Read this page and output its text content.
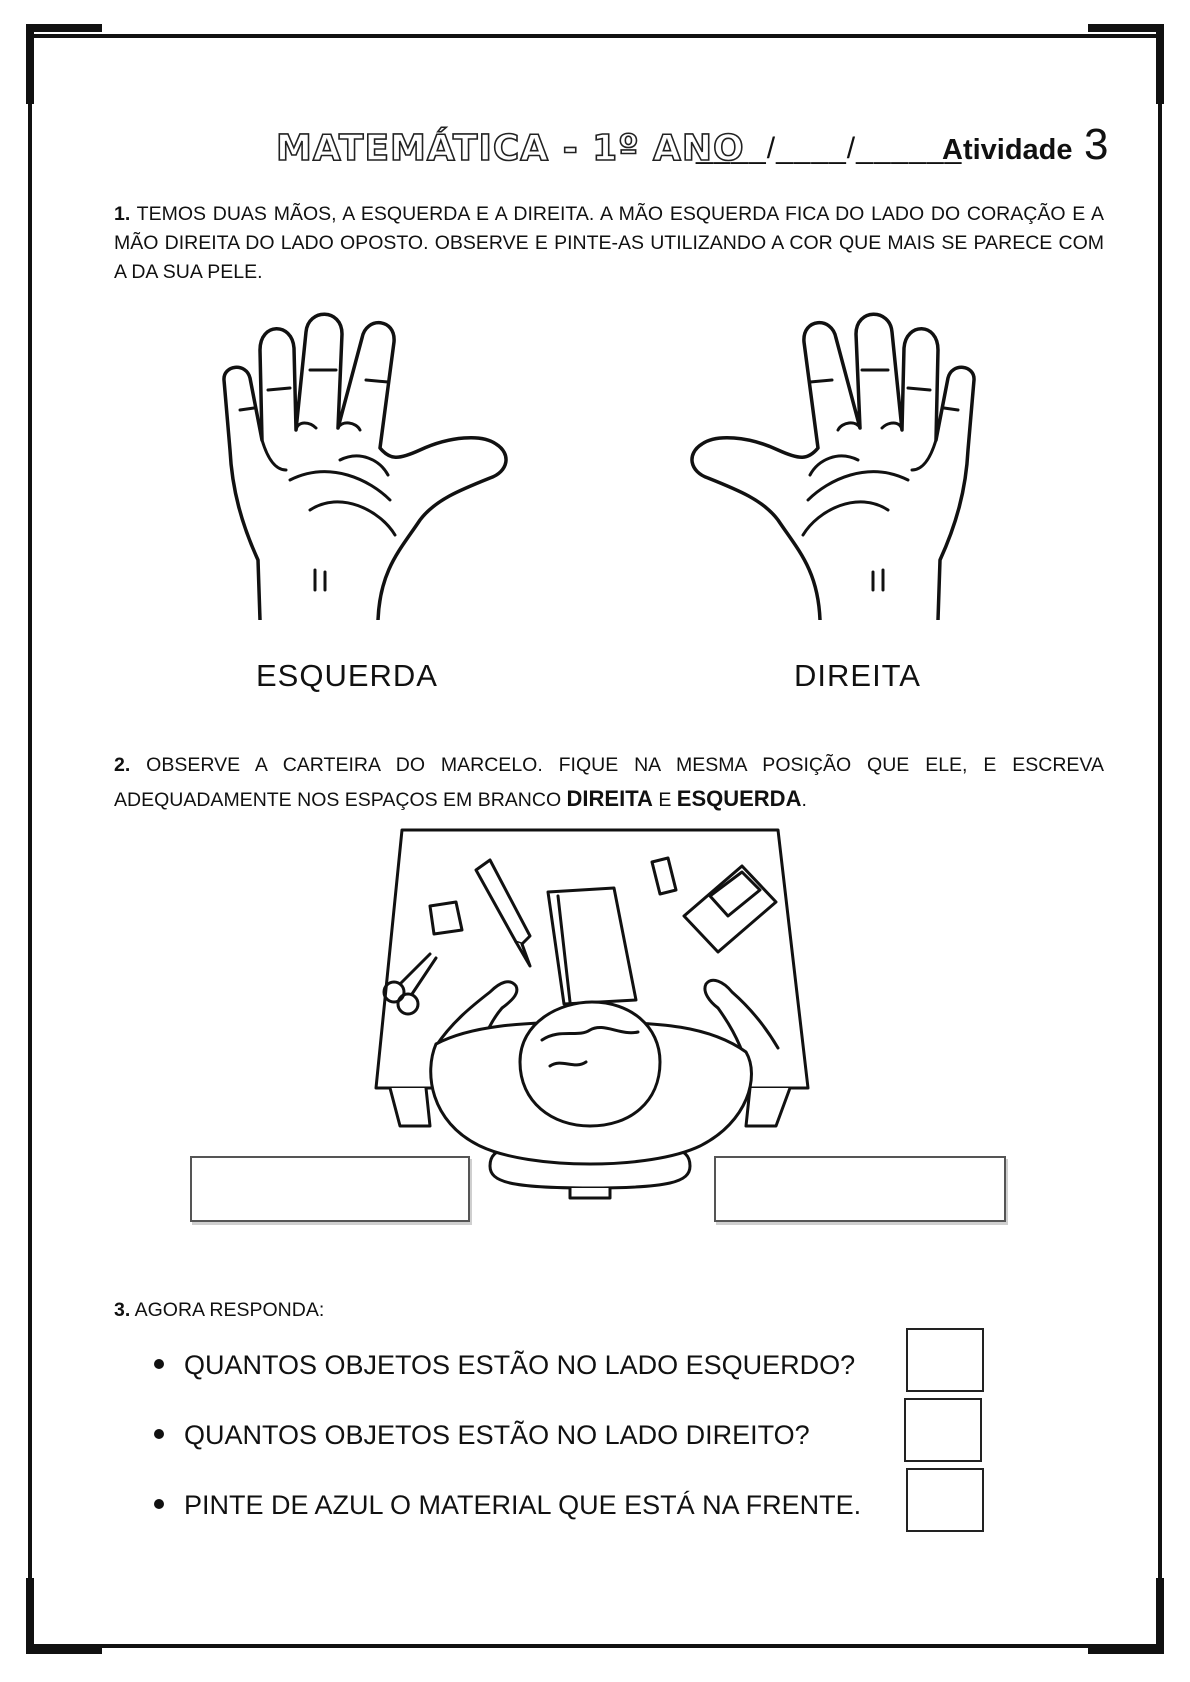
MATEMÁTICA - 1º ANO
____/____/______
Atividade 3
1. TEMOS DUAS MÃOS, A ESQUERDA E A DIREITA. A MÃO ESQUERDA FICA DO LADO DO CORAÇÃO E A MÃO DIREITA DO LADO OPOSTO. OBSERVE E PINTE-AS UTILIZANDO A COR QUE MAIS SE PARECE COM A DA SUA PELE.
ESQUERDA	DIREITA
2. OBSERVE A CARTEIRA DO MARCELO. FIQUE NA MESMA POSIÇÃO QUE ELE, E ESCREVA ADEQUADAMENTE NOS ESPAÇOS EM BRANCO DIREITA E ESQUERDA.
3. AGORA RESPONDA:
QUANTOS OBJETOS ESTÃO NO LADO ESQUERDO?
QUANTOS OBJETOS ESTÃO NO LADO DIREITO?
PINTE DE AZUL O MATERIAL QUE ESTÁ NA FRENTE.
